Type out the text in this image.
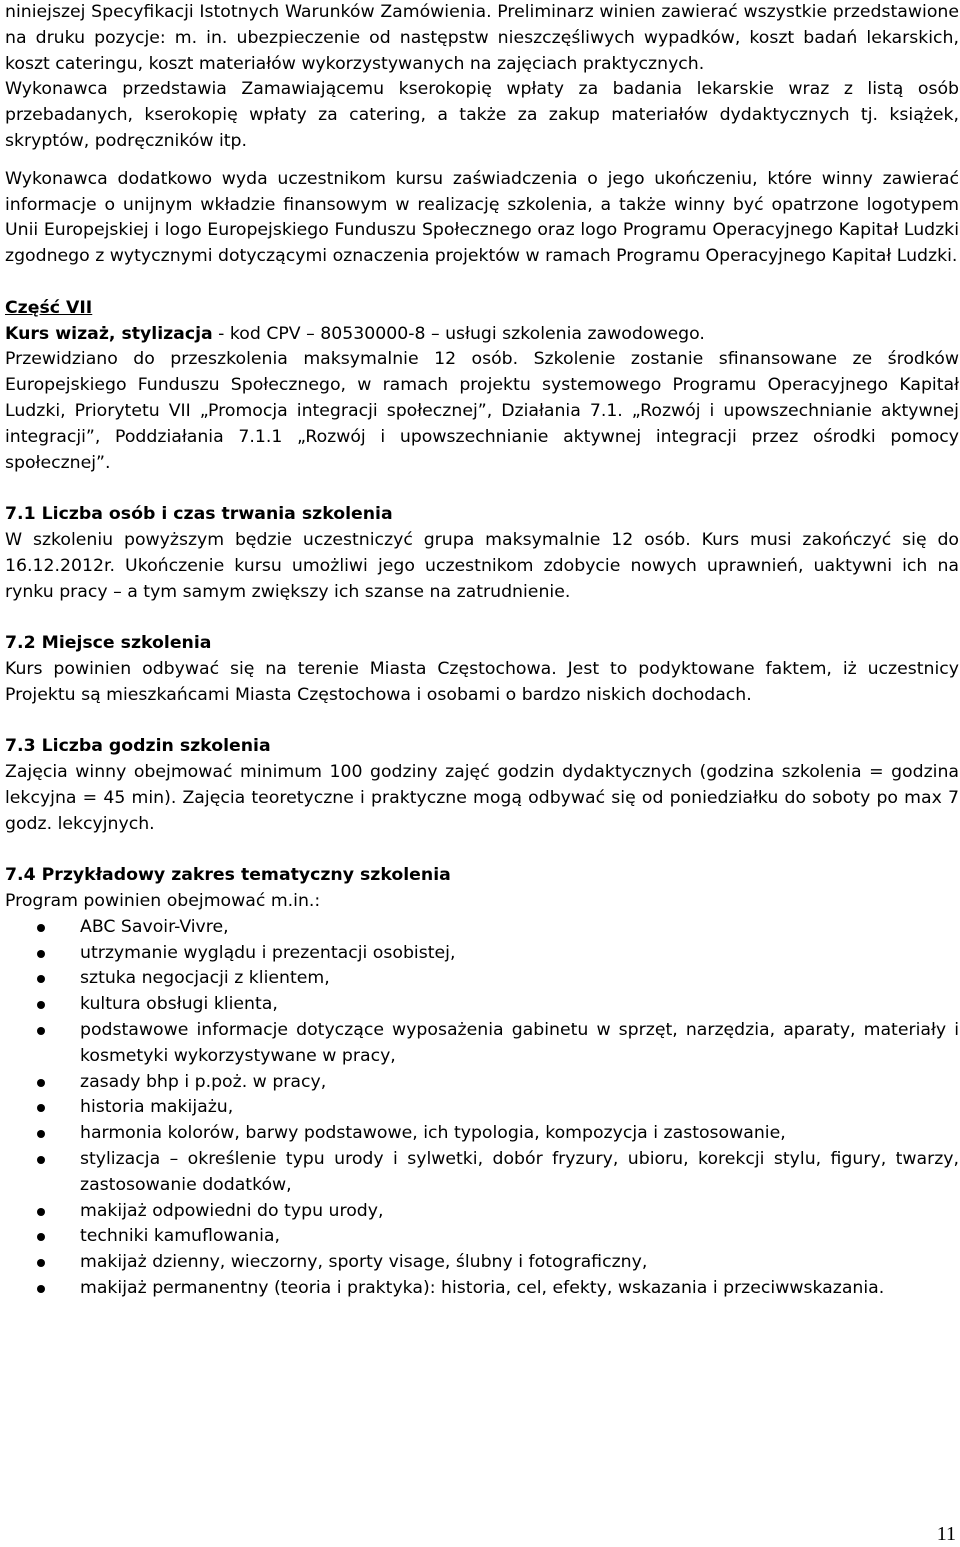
niniejszej Specyfikacji Istotnych Warunków Zamówienia. Preliminarz winien zawierać wszystkie przedstawione na druku pozycje: m. in. ubezpieczenie od następstw nieszczęśliwych wypadków, koszt badań lekarskich, koszt cateringu, koszt materiałów wykorzystywanych na zajęciach praktycznych.

Wykonawca przedstawia Zamawiającemu kserokopię wpłaty za badania lekarskie wraz z listą osób przebadanych, kserokopię wpłaty za catering, a także za zakup materiałów dydaktycznych tj. książek, skryptów, podręczników itp.

Wykonawca dodatkowo wyda uczestnikom kursu zaświadczenia o jego ukończeniu, które winny zawierać informacje o unijnym wkładzie finansowym w realizację szkolenia, a także winny być opatrzone logotypem Unii Europejskiej i logo Europejskiego Funduszu Społecznego oraz logo Programu Operacyjnego Kapitał Ludzki zgodnego z wytycznymi dotyczącymi oznaczenia projektów w ramach Programu Operacyjnego Kapitał Ludzki.

Część VII

Kurs wizaż, stylizacja - kod CPV – 80530000-8 – usługi szkolenia zawodowego.

Przewidziano do przeszkolenia maksymalnie 12 osób. Szkolenie zostanie sfinansowane ze środków Europejskiego Funduszu Społecznego, w ramach projektu systemowego Programu Operacyjnego Kapitał Ludzki, Priorytetu VII „Promocja integracji społecznej”, Działania 7.1. „Rozwój i upowszechnianie aktywnej integracji”, Poddziałania 7.1.1 „Rozwój i upowszechnianie aktywnej integracji przez ośrodki pomocy społecznej”.

7.1 Liczba osób i czas trwania szkolenia

W szkoleniu powyższym będzie uczestniczyć grupa maksymalnie 12 osób. Kurs musi zakończyć się do 16.12.2012r. Ukończenie kursu umożliwi jego uczestnikom zdobycie nowych uprawnień, uaktywni ich na rynku pracy – a tym samym zwiększy ich szanse na zatrudnienie.

7.2 Miejsce szkolenia

Kurs powinien odbywać się na terenie Miasta Częstochowa. Jest to podyktowane faktem, iż uczestnicy Projektu są mieszkańcami Miasta Częstochowa i osobami o bardzo niskich dochodach.

7.3 Liczba godzin szkolenia

Zajęcia winny obejmować minimum 100 godziny zajęć godzin dydaktycznych (godzina szkolenia = godzina lekcyjna = 45 min). Zajęcia teoretyczne i praktyczne mogą odbywać się od poniedziałku do soboty po max 7 godz. lekcyjnych.

7.4 Przykładowy zakres tematyczny szkolenia

Program powinien obejmować m.in.:

ABC Savoir-Vivre,
utrzymanie wyglądu i prezentacji osobistej,
sztuka negocjacji z klientem,
kultura obsługi klienta,
podstawowe informacje dotyczące wyposażenia gabinetu w sprzęt, narzędzia, aparaty, materiały i kosmetyki wykorzystywane w pracy,
zasady bhp i p.poż. w pracy,
historia makijażu,
harmonia kolorów, barwy podstawowe, ich typologia, kompozycja i zastosowanie,
stylizacja – określenie typu urody i sylwetki, dobór fryzury, ubioru, korekcji stylu, figury, twarzy, zastosowanie dodatków,
makijaż odpowiedni do typu urody,
techniki kamuflowania,
makijaż dzienny, wieczorny, sporty visage, ślubny i fotograficzny,
makijaż permanentny (teoria i praktyka): historia, cel, efekty, wskazania i przeciwwskazania.
11
